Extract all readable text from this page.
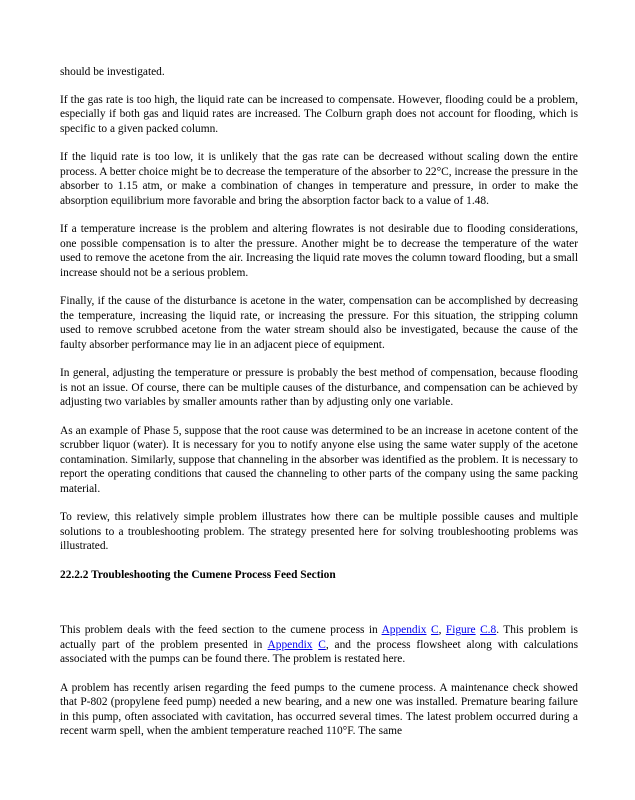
should be investigated.

If the gas rate is too high, the liquid rate can be increased to compensate. However, flooding could be a problem, especially if both gas and liquid rates are increased. The Colburn graph does not account for flooding, which is specific to a given packed column.

If the liquid rate is too low, it is unlikely that the gas rate can be decreased without scaling down the entire process. A better choice might be to decrease the temperature of the absorber to 22°C, increase the pressure in the absorber to 1.15 atm, or make a combination of changes in temperature and pressure, in order to make the absorption equilibrium more favorable and bring the absorption factor back to a value of 1.48.

If a temperature increase is the problem and altering flowrates is not desirable due to flooding considerations, one possible compensation is to alter the pressure. Another might be to decrease the temperature of the water used to remove the acetone from the air. Increasing the liquid rate moves the column toward flooding, but a small increase should not be a serious problem.

Finally, if the cause of the disturbance is acetone in the water, compensation can be accomplished by decreasing the temperature, increasing the liquid rate, or increasing the pressure. For this situation, the stripping column used to remove scrubbed acetone from the water stream should also be investigated, because the cause of the faulty absorber performance may lie in an adjacent piece of equipment.

In general, adjusting the temperature or pressure is probably the best method of compensation, because flooding is not an issue. Of course, there can be multiple causes of the disturbance, and compensation can be achieved by adjusting two variables by smaller amounts rather than by adjusting only one variable.

As an example of Phase 5, suppose that the root cause was determined to be an increase in acetone content of the scrubber liquor (water). It is necessary for you to notify anyone else using the same water supply of the acetone contamination. Similarly, suppose that channeling in the absorber was identified as the problem. It is necessary to report the operating conditions that caused the channeling to other parts of the company using the same packing material.

To review, this relatively simple problem illustrates how there can be multiple possible causes and multiple solutions to a troubleshooting problem. The strategy presented here for solving troubleshooting problems was illustrated.

22.2.2 Troubleshooting the Cumene Process Feed Section

This problem deals with the feed section to the cumene process in Appendix C, Figure C.8. This problem is actually part of the problem presented in Appendix C, and the process flowsheet along with calculations associated with the pumps can be found there. The problem is restated here.

A problem has recently arisen regarding the feed pumps to the cumene process. A maintenance check showed that P-802 (propylene feed pump) needed a new bearing, and a new one was installed. Premature bearing failure in this pump, often associated with cavitation, has occurred several times. The latest problem occurred during a recent warm spell, when the ambient temperature reached 110°F. The same
